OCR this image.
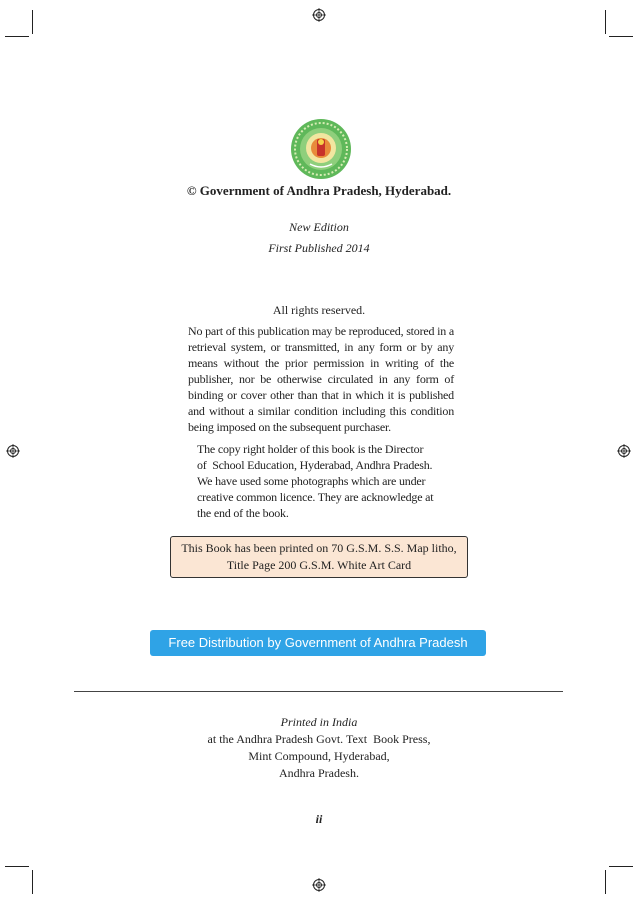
© Government of Andhra Pradesh, Hyderabad.
New Edition
First Published 2014
All rights reserved.
No part of this publication may be reproduced, stored in a retrieval system, or transmitted, in any form or by any means without the prior permission in writing of the publisher, nor be otherwise circulated in any form of binding or cover other than that in which it is published and without a similar condition including this condition being imposed on the subsequent purchaser.
The copy right holder of this book is the Director
of  School Education, Hyderabad, Andhra Pradesh.
We have used some photographs which are under
creative common licence. They are acknowledge at
the end of the book.
This Book has been printed on 70 G.S.M. S.S. Map litho,
Title Page 200 G.S.M. White Art Card
Free Distribution by Government of Andhra Pradesh
Printed in India
at the Andhra Pradesh Govt. Text  Book Press,
Mint Compound, Hyderabad,
Andhra Pradesh.
ii
